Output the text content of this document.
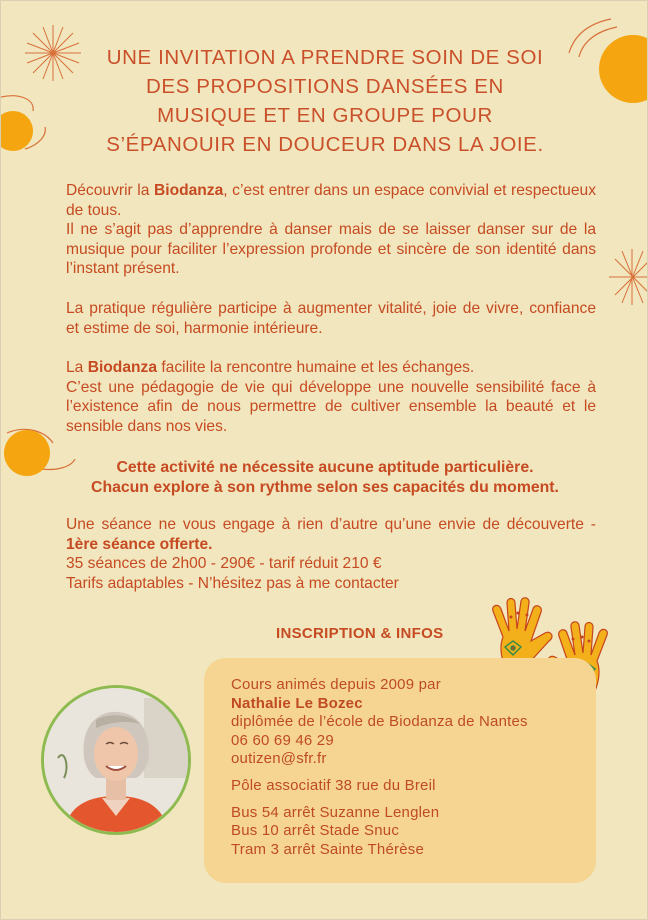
UNE INVITATION A PRENDRE SOIN DE SOI
DES PROPOSITIONS DANSÉES EN
MUSIQUE ET EN GROUPE POUR
S’ÉPANOUIR EN DOUCEUR DANS LA JOIE.
Découvrir la Biodanza, c’est entrer dans un espace convivial et respectueux de tous.
Il ne s’agit pas d’apprendre à danser mais de se laisser danser sur de la musique pour faciliter l’expression profonde et sincère de son identité dans l’instant présent.
La pratique régulière participe à augmenter vitalité, joie de vivre, confiance et estime de soi, harmonie intérieure.
La Biodanza facilite la rencontre humaine et les échanges.
C’est une pédagogie de vie qui développe une nouvelle sensibilité face à l’existence afin de nous permettre de cultiver ensemble la beauté et le sensible dans nos vies.
Cette activité ne nécessite aucune aptitude particulière.
Chacun explore à son rythme selon ses capacités du moment.
Une séance ne vous engage à rien d’autre qu’une envie de découverte - 1ère séance offerte.
35 séances de 2h00 - 290€ - tarif réduit 210 €
Tarifs adaptables - N’hésitez pas à me contacter
INSCRIPTION & INFOS
Cours animés depuis 2009 par
Nathalie Le Bozec
diplômée de l’école de Biodanza de Nantes
06 60 69 46 29
outizen@sfr.fr
Pôle associatif 38 rue du Breil
Bus 54 arrêt Suzanne Lenglen
Bus 10 arrêt Stade Snuc
Tram 3 arrêt Sainte Thérèse
